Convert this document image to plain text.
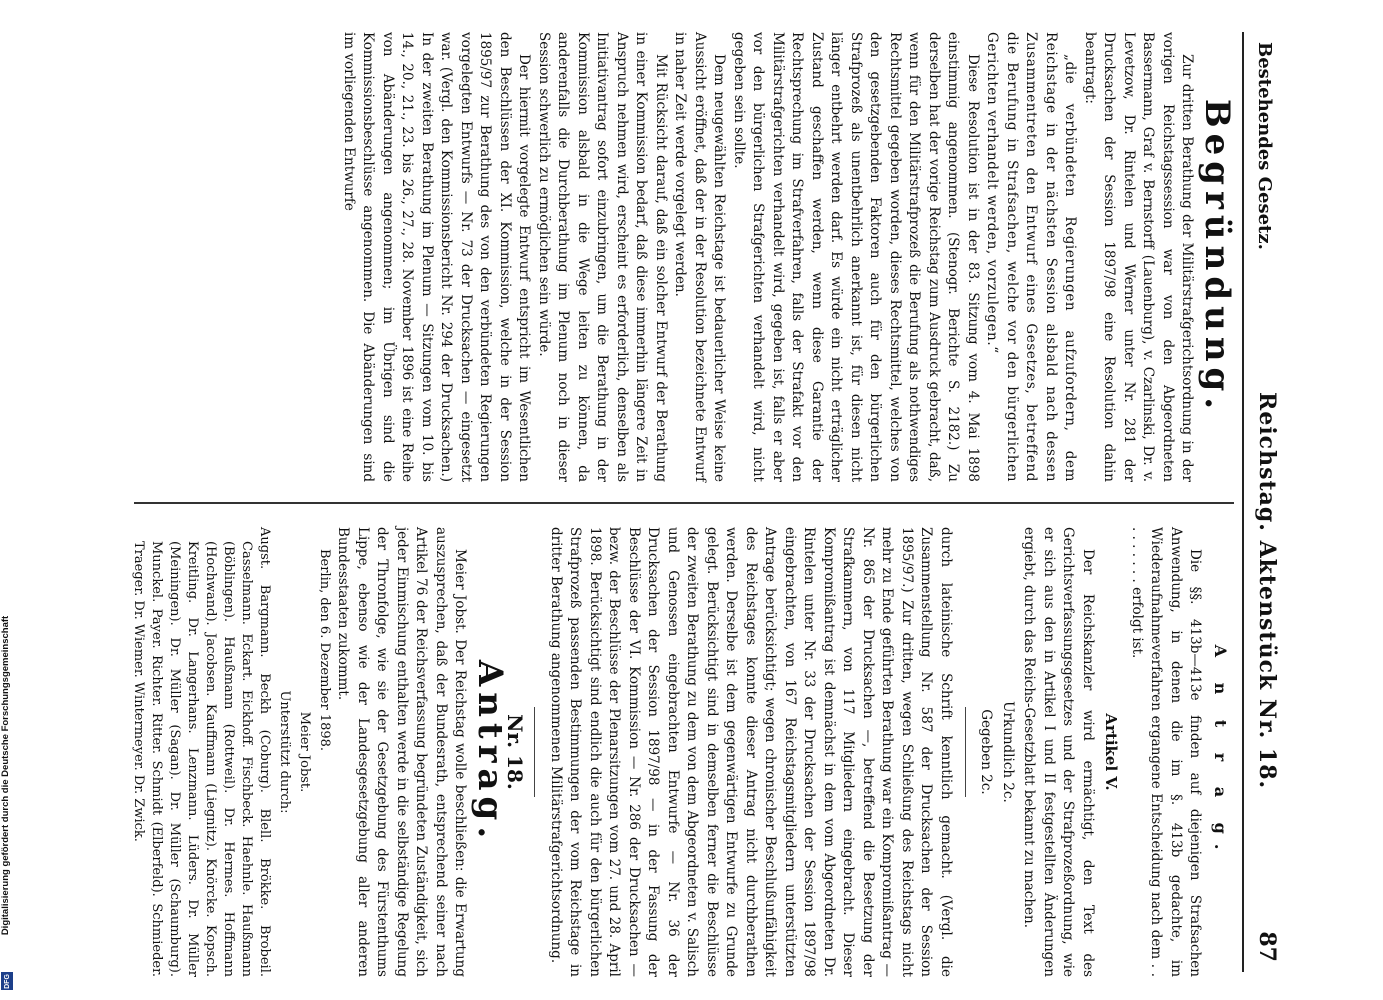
Digitalisierung gefördert durch die Deutsche Forschungsgemeinschaft
DFG
Bestehendes Gesetz.
Reichstag. Aktenstück Nr. 18.
87
Begründung.

Zur dritten Berathung der Militärstrafgerichtsordnung in der vorigen Reichstagssession war von den Abgeordneten Bassermann, Graf v. Bernstorff (Lauenburg), v. Czarlinski, Dr. v. Levetzow, Dr. Rintelen und Werner unter Nr. 281 der Drucksachen der Session 1897/98 eine Resolution dahin beantragt:

„die verbündeten Regierungen aufzufordern, dem Reichstage in der nächsten Session alsbald nach dessen Zusammentreten den Entwurf eines Gesetzes, betreffend die Berufung in Strafsachen, welche vor den bürgerlichen Gerichten verhandelt werden, vorzulegen.“

Diese Resolution ist in der 83. Sitzung vom 4. Mai 1898 einstimmig angenommen. (Stenogr. Berichte S. 2182.) Zu derselben hat der vorige Reichstag zum Ausdruck gebracht, daß, wenn für den Militärstrafprozeß die Berufung als nothwendiges Rechtsmittel gegeben worden, dieses Rechtsmittel, welches von den gesetzgebenden Faktoren auch für den bürgerlichen Strafprozeß als unentbehrlich anerkannt ist, für diesen nicht länger entbehrt werden darf. Es würde ein nicht erträglicher Zustand geschaffen werden, wenn diese Garantie der Rechtsprechung im Strafverfahren, falls der Strafakt vor den Militärstrafgerichten verhandelt wird, gegeben ist, falls er aber vor den bürgerlichen Strafgerichten verhandelt wird, nicht gegeben sein sollte.

Dem neugewählten Reichstage ist bedauerlicher Weise keine Aussicht eröffnet, daß der in der Resolution bezeichnete Entwurf in naher Zeit werde vorgelegt werden.

Mit Rücksicht darauf, daß ein solcher Entwurf der Berathung in einer Kommission bedarf, daß diese immerhin längere Zeit in Anspruch nehmen wird, erscheint es erforderlich, denselben als Initiativantrag sofort einzubringen, um die Berathung in der Kommission alsbald in die Wege leiten zu können, da anderenfalls die Durchberathung im Plenum noch in dieser Session schwerlich zu ermöglichen sein würde.

Der hiermit vorgelegte Entwurf entspricht im Wesentlichen den Beschlüssen der XI. Kommission, welche in der Session 1895/97 zur Berathung des von den verbündeten Regierungen vorgelegten Entwurfs — Nr. 73 der Drucksachen — eingesetzt war. (Vergl. den Kommissionsbericht Nr. 294 der Drucksachen.) In der zweiten Berathung im Plenum — Sitzungen vom 10. bis 14., 20., 21., 23. bis 26., 27., 28. November 1896 ist eine Reihe von Abänderungen angenommen; im Übrigen sind die Kommissionsbeschlüsse angenommen. Die Abänderungen sind im vorliegenden Entwurfe

A n t r a g.

Die §§. 413b—413e finden auf diejenigen Strafsachen Anwendung, in denen die im §. 413b gedachte, im Wiederaufnahmeverfahren ergangene Entscheidung nach dem . . . . . . . . . erfolgt ist.

Artikel V.

Der Reichskanzler wird ermächtigt, den Text des Gerichtsverfassungsgesetzes und der Strafprozeßordnung, wie er sich aus den in Artikel I und II festgestellten Änderungen ergiebt, durch das Reichs-Gesetzblatt bekannt zu machen.

Urkundlich 2c.

Gegeben 2c.

durch lateinische Schrift kenntlich gemacht. (Vergl. die Zusammenstellung Nr. 587 der Drucksachen der Session 1895/97.) Zur dritten, wegen Schließung des Reichstags nicht mehr zu Ende geführten Berathung war ein Kompromißantrag — Nr. 865 der Drucksachen —, betreffend die Besetzung der Strafkammern, von 117 Mitgliedern eingebracht. Dieser Kompromißantrag ist demnächst in dem vom Abgeordneten Dr. Rintelen unter Nr. 33 der Drucksachen der Session 1897/98 eingebrachten, von 167 Reichstagsmitgliedern unterstützten Antrage berücksichtigt; wegen chronischer Beschlußunfähigkeit des Reichstages konnte dieser Antrag nicht durchberathen werden. Derselbe ist dem gegenwärtigen Entwurfe zu Grunde gelegt. Berücksichtigt sind in demselben ferner die Beschlüsse der zweiten Berathung zu dem von dem Abgeordneten v. Salisch und Genossen eingebrachten Entwurfe — Nr. 36 der Drucksachen der Session 1897/98 — in der Fassung der Beschlüsse der VI. Kommission — Nr. 286 der Drucksachen — bezw. der Beschlüsse der Plenarsitzungen vom 27. und 28. April 1898. Berücksichtigt sind endlich die auch für den bürgerlichen Strafprozeß passenden Bestimmungen der vom Reichstage in dritter Berathung angenommenen Militärstrafgerichtsordnung.

Nr. 18.
Antrag.

Meier Jobst. Der Reichstag wolle beschließen: die Erwartung auszusprechen, daß der Bundesrath, entsprechend seiner nach Artikel 76 der Reichsverfassung begründeten Zuständigkeit, sich jeder Einmischung enthalten werde in die selbständige Regelung der Thronfolge, wie sie der Gesetzgebung des Fürstenthums Lippe, ebenso wie der Landesgesetzgebung aller anderen Bundesstaaten zukommt.

Berlin, den 6. Dezember 1898.

Meier Jobst.

Unterstützt durch:

Augst. Bargmann. Beckh (Coburg). Blell. Brökke. Brobeil. Casselmann. Eckart. Eickhoff. Fischbeck. Haehnle. Haußmann (Böblingen). Haußmann (Rottweil). Dr. Hermes. Hoffmann (Hochwand). Jacobsen. Kauffmann (Liegnitz). Knörcke. Kopsch. Kreitling. Dr. Langerhans. Lenzmann. Lüders. Dr. Müller (Meiningen). Dr. Müller (Sagan). Dr. Müller (Schaumburg). Munckel. Payer. Richter. Ritter. Schmidt (Elberfeld). Schmieder. Traeger. Dr. Wiemer. Wintermeyer. Dr. Zwick.
